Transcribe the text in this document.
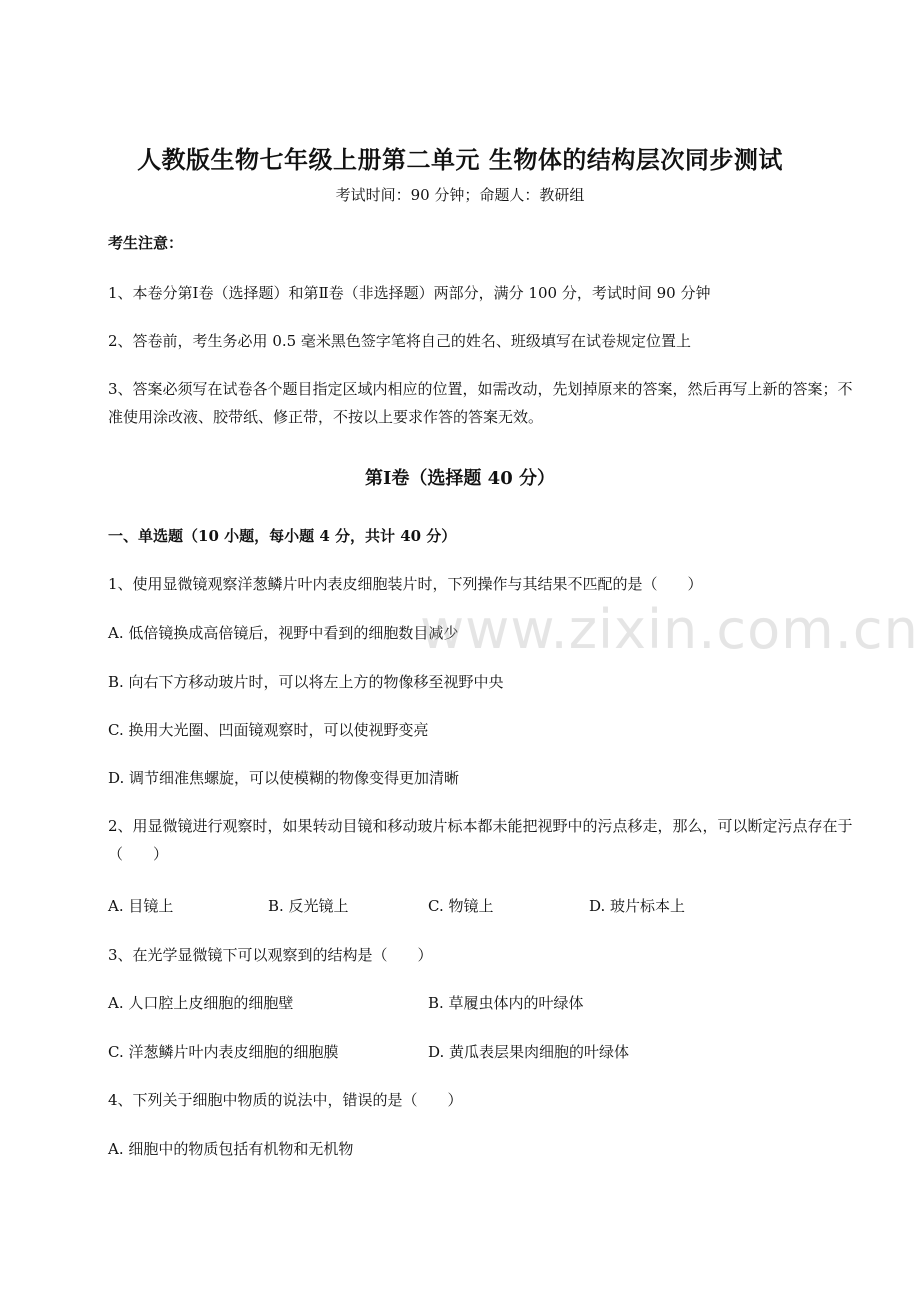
人教版生物七年级上册第二单元 生物体的结构层次同步测试
考试时间：90 分钟；命题人：教研组
考生注意：
1、本卷分第Ⅰ卷（选择题）和第Ⅱ卷（非选择题）两部分，满分 100 分，考试时间 90 分钟
2、答卷前，考生务必用 0.5 毫米黑色签字笔将自己的姓名、班级填写在试卷规定位置上
3、答案必须写在试卷各个题目指定区域内相应的位置，如需改动，先划掉原来的答案，然后再写上新的答案；不准使用涂改液、胶带纸、修正带，不按以上要求作答的答案无效。
第Ⅰ卷（选择题 40 分）
一、单选题（10 小题，每小题 4 分，共计 40 分）
1、使用显微镜观察洋葱鳞片叶内表皮细胞装片时，下列操作与其结果不匹配的是（　　）
A. 低倍镜换成高倍镜后，视野中看到的细胞数目减少
B. 向右下方移动玻片时，可以将左上方的物像移至视野中央
C. 换用大光圈、凹面镜观察时，可以使视野变亮
D. 调节细准焦螺旋，可以使模糊的物像变得更加清晰
2、用显微镜进行观察时，如果转动目镜和移动玻片标本都未能把视野中的污点移走，那么，可以断定污点存在于（　　）
A. 目镜上	B. 反光镜上	C. 物镜上	D. 玻片标本上
3、在光学显微镜下可以观察到的结构是（　　）
A. 人口腔上皮细胞的细胞壁	B. 草履虫体内的叶绿体
C. 洋葱鳞片叶内表皮细胞的细胞膜	D. 黄瓜表层果肉细胞的叶绿体
4、下列关于细胞中物质的说法中，错误的是（　　）
A. 细胞中的物质包括有机物和无机物
www.zixin.com.cn
